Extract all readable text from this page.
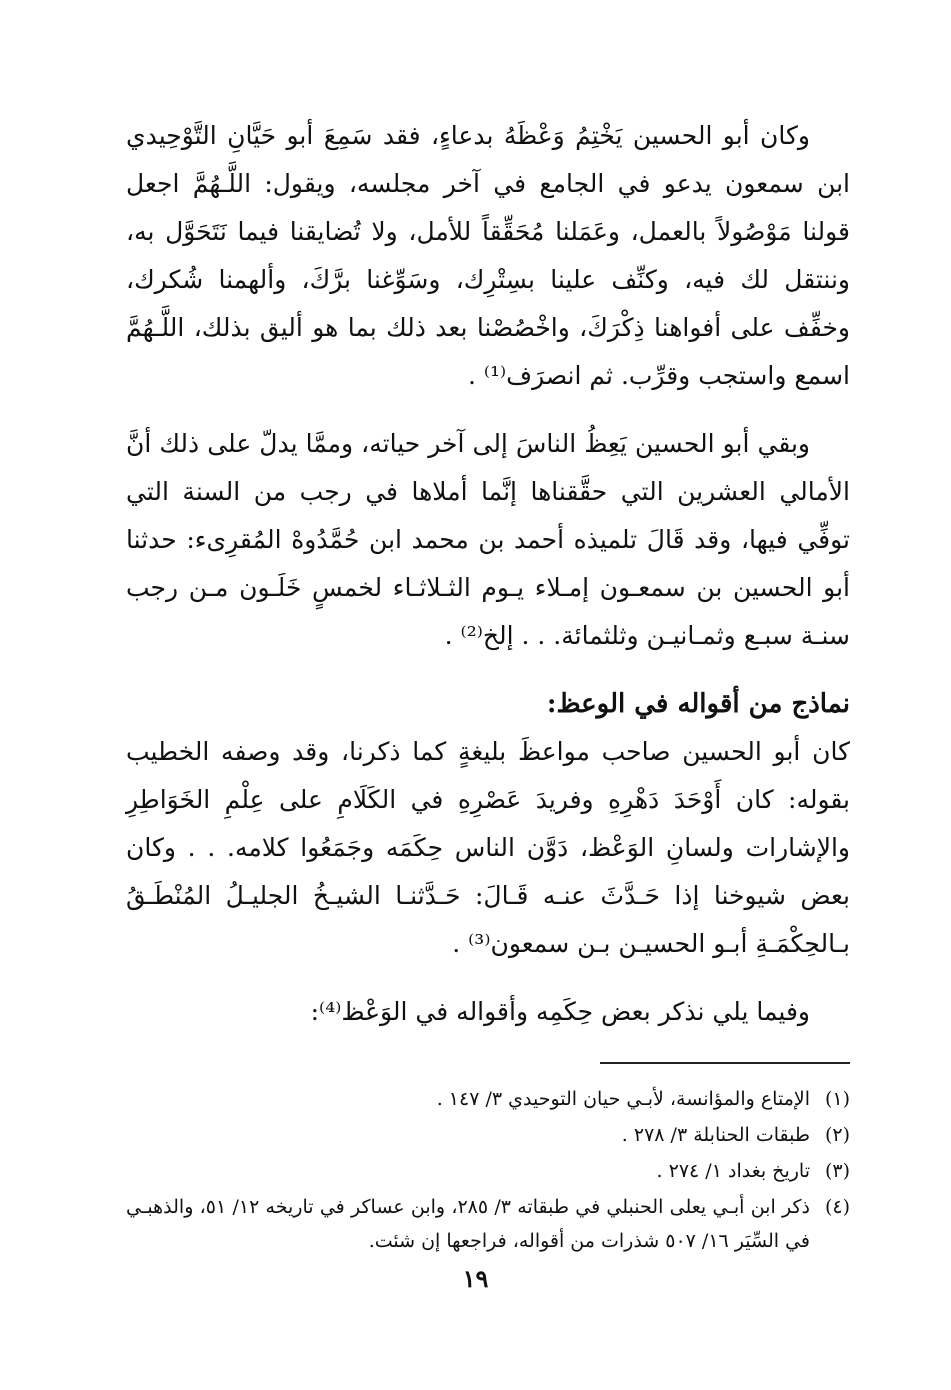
وكان أبو الحسين يَخْتِمُ وَعْظَهُ بدعاءٍ، فقد سَمِعَ أبو حَيَّانِ التَّوْحِيدي ابن سمعون يدعو في الجامع في آخر مجلسه، ويقول: اللَّـهُمَّ اجعل قولنا مَوْصُولاً بالعمل، وعَمَلنا مُحَقِّقاً للأمل، ولا تُضايقنا فيما نَتَحَوَّل به، وننتقل لك فيه، وكنِّف علينا بسِتْرِك، وسَوِّغنا برَّكَ، وألهمنا شُكرك، وخفِّف على أفواهنا ذِكْرَكَ، واخْصُصْنا بعد ذلك بما هو أليق بذلك، اللَّـهُمَّ اسمع واستجب وقرِّب. ثم انصرَف⁽¹⁾ .

وبقي أبو الحسين يَعِظُ الناسَ إلى آخر حياته، وممَّا يدلّ على ذلك أنَّ الأمالي العشرين التي حقَّقناها إنَّما أملاها في رجب من السنة التي توفِّي فيها، وقد قَالَ تلميذه أحمد بن محمد ابن حُمَّدُوهْ المُقرِىء: حدثنا أبو الحسين بن سمعـون إمـلاء يـوم الثـلاثـاء لخمسٍ خَلَـون مـن رجب سنـة سبـع وثمـانيـن وثلثمائة. . . إلخ⁽²⁾ .

نماذج من أقواله في الوعظ:

كان أبو الحسين صاحب مواعظَ بليغةٍ كما ذكرنا، وقد وصفه الخطيب بقوله: كان أَوْحَدَ دَهْرِهِ وفريدَ عَصْرِهِ في الكَلَامِ على عِلْمِ الخَوَاطِرِ والإشارات ولسانِ الوَعْظ، دَوَّن الناس حِكَمَه وجَمَعُوا كلامه. . . وكان بعض شيوخنا إذا حَـدَّثَ عنـه قَـالَ: حَـدَّثنـا الشيـخُ الجليـلُ المُنْطَـقُ بـالحِكْمَـةِ أبـو الحسيـن بـن سمعون⁽³⁾ .

وفيما يلي نذكر بعض حِكَمِه وأقواله في الوَعْظ⁽⁴⁾:

(١)
الإمتاع والمؤانسة، لأبـي حيان التوحيدي ٣/ ١٤٧ .
(٢)
طبقات الحنابلة ٣/ ٢٧٨ .
(٣)
تاريخ بغداد ١/ ٢٧٤ .
(٤)
ذكر ابن أبـي يعلى الحنبلي في طبقاته ٣/ ٢٨٥، وابن عساكر في تاريخه ١٢/ ٥١، والذهبـي في السِّيَر ١٦/ ٥٠٧ شذرات من أقواله، فراجعها إن شئت.
١٩
